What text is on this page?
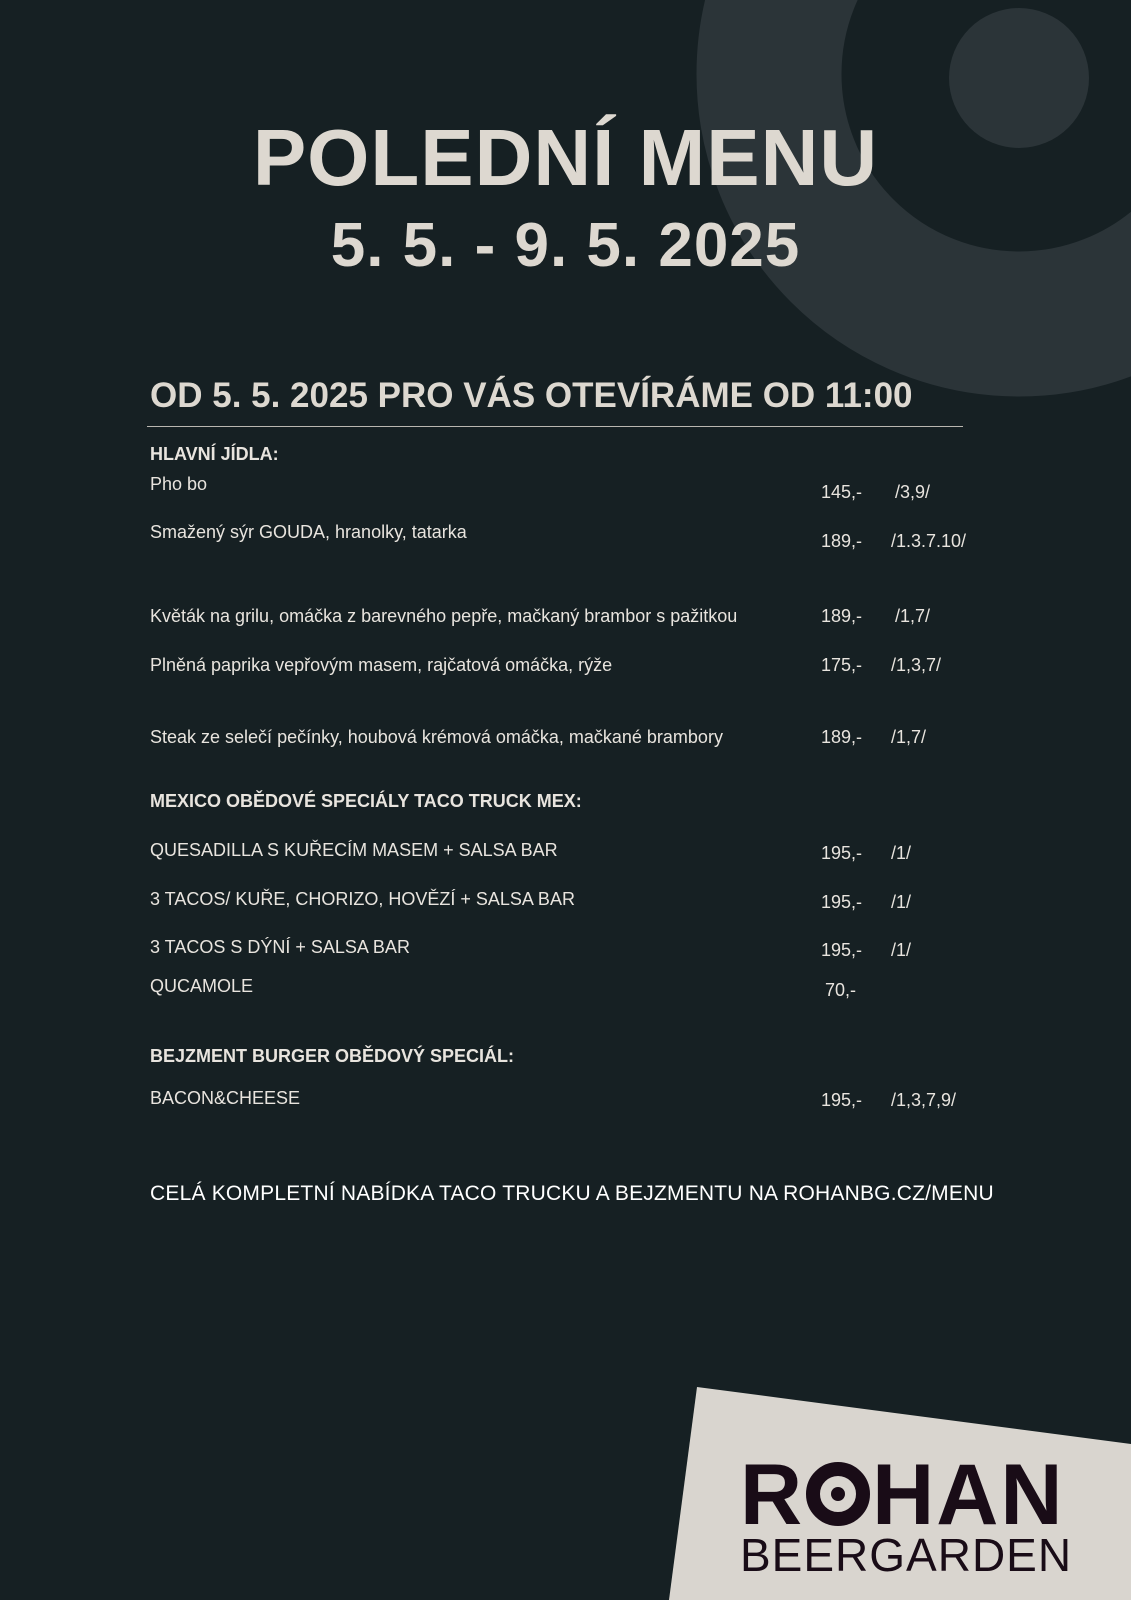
POLEDNÍ MENU
5. 5. - 9. 5. 2025
OD 5. 5. 2025 PRO VÁS OTEVÍRÁME OD 11:00
HLAVNÍ JÍDLA:
Pho bo	145,- /3,9/
Smažený sýr GOUDA, hranolky, tatarka	189,- /1.3.7.10/
Květák na grilu, omáčka z barevného pepře, mačkaný brambor s pažitkou	189,- /1,7/
Plněná paprika vepřovým masem, rajčatová omáčka, rýže	175,- /1,3,7/
Steak ze selečí pečínky, houbová krémová omáčka, mačkané brambory	189,- /1,7/
MEXICO OBĚDOVÉ SPECIÁLY TACO TRUCK MEX:
QUESADILLA S KUŘECÍM MASEM + SALSA BAR	195,- /1/
3 TACOS/ KUŘE, CHORIZO, HOVĚZÍ + SALSA BAR	195,- /1/
3 TACOS S DÝNÍ + SALSA BAR	195,- /1/
QUCAMOLE	70,-
BEJZMENT BURGER OBĚDOVÝ SPECIÁL:
BACON&CHEESE	195,- /1,3,7,9/
CELÁ KOMPLETNÍ NABÍDKA TACO TRUCKU A BEJZMENTU NA ROHANBG.CZ/MENU
R HAN
BEERGARDEN
